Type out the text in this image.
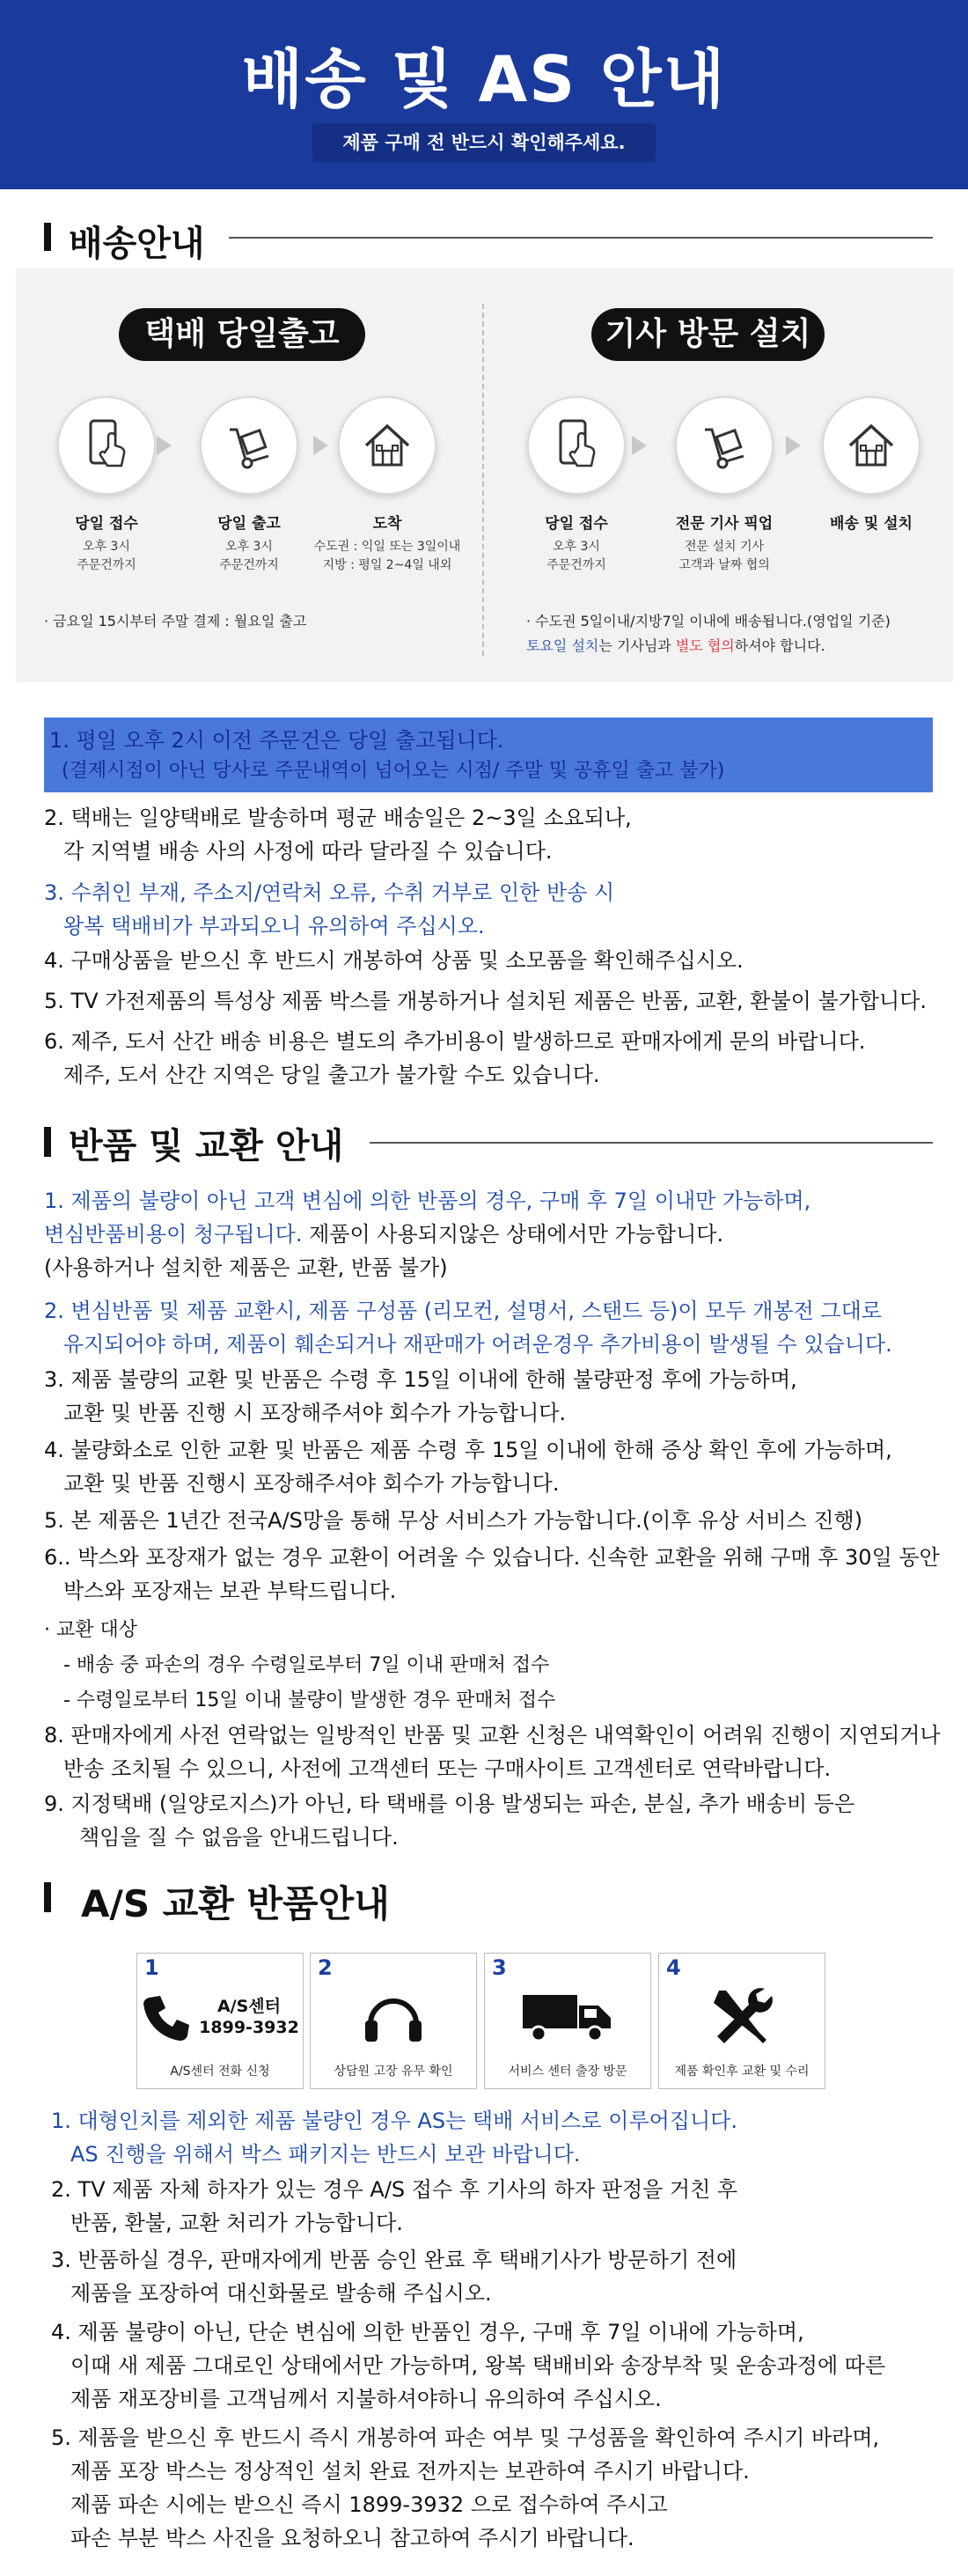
배송 및 AS 안내
제품 구매 전 반드시 확인해주세요.
배송안내
택배 당일출고	기사 방문 설치
당일 접수
오후 3시
주문건까지
당일 출고
오후 3시
주문건까지
도착
수도권 : 익일 또는 3일이내
지방 : 평일 2~4일 내외
· 금요일 15시부터 주말 결제 : 월요일 출고
당일 접수
오후 3시
주문건까지
전문 기사 픽업
전문 설치 기사
고객과 날짜 협의
배송 및 설치
· 수도권 5일이내/지방7일 이내에 배송됩니다.(영업일 기준)
토요일 설치는 기사님과 별도 협의하셔야 합니다.
1. 평일 오후 2시 이전 주문건은 당일 출고됩니다.
(결제시점이 아닌 당사로 주문내역이 넘어오는 시점/ 주말 및 공휴일 출고 불가)
2. 택배는 일양택배로 발송하며 평균 배송일은 2~3일 소요되나,
각 지역별 배송 사의 사정에 따라 달라질 수 있습니다.
3. 수취인 부재, 주소지/연락처 오류, 수취 거부로 인한 반송 시
왕복 택배비가 부과되오니 유의하여 주십시오.
4. 구매상품을 받으신 후 반드시 개봉하여 상품 및 소모품을 확인해주십시오.
5. TV 가전제품의 특성상 제품 박스를 개봉하거나 설치된 제품은 반품, 교환, 환불이 불가합니다.
6. 제주, 도서 산간 배송 비용은 별도의 추가비용이 발생하므로 판매자에게 문의 바랍니다.
제주, 도서 산간 지역은 당일 출고가 불가할 수도 있습니다.
반품 및 교환 안내
1. 제품의 불량이 아닌 고객 변심에 의한 반품의 경우, 구매 후 7일 이내만 가능하며,
변심반품비용이 청구됩니다. 제품이 사용되지않은 상태에서만 가능합니다.
(사용하거나 설치한 제품은 교환, 반품 불가)
2. 변심반품 및 제품 교환시, 제품 구성품 (리모컨, 설명서, 스탠드 등)이 모두 개봉전 그대로
유지되어야 하며, 제품이 훼손되거나 재판매가 어려운경우 추가비용이 발생될 수 있습니다.
3. 제품 불량의 교환 및 반품은 수령 후 15일 이내에 한해 불량판정 후에 가능하며,
교환 및 반품 진행 시 포장해주셔야 회수가 가능합니다.
4. 불량화소로 인한 교환 및 반품은 제품 수령 후 15일 이내에 한해 증상 확인 후에 가능하며,
교환 및 반품 진행시 포장해주셔야 회수가 가능합니다.
5. 본 제품은 1년간 전국A/S망을 통해 무상 서비스가 가능합니다.(이후 유상 서비스 진행)
6.. 박스와 포장재가 없는 경우 교환이 어려울 수 있습니다. 신속한 교환을 위해 구매 후 30일 동안
박스와 포장재는 보관 부탁드립니다.
· 교환 대상
- 배송 중 파손의 경우 수령일로부터 7일 이내 판매처 접수
- 수령일로부터 15일 이내 불량이 발생한 경우 판매처 접수
8. 판매자에게 사전 연락없는 일방적인 반품 및 교환 신청은 내역확인이 어려워 진행이 지연되거나
반송 조치될 수 있으니, 사전에 고객센터 또는 구매사이트 고객센터로 연락바랍니다.
9. 지정택배 (일양로지스)가 아닌, 타 택배를 이용 발생되는 파손, 분실, 추가 배송비 등은
책임을 질 수 없음을 안내드립니다.
A/S 교환 반품안내
1
A/S센터
1899-3932
A/S센터 전화 신청
2
상담원 고장 유무 확인
3
서비스 센터 출장 방문
4
제품 확인후 교환 및 수리
1. 대형인치를 제외한 제품 불량인 경우 AS는 택배 서비스로 이루어집니다.
AS 진행을 위해서 박스 패키지는 반드시 보관 바랍니다.
2. TV 제품 자체 하자가 있는 경우 A/S 접수 후 기사의 하자 판정을 거친 후
반품, 환불, 교환 처리가 가능합니다.
3. 반품하실 경우, 판매자에게 반품 승인 완료 후 택배기사가 방문하기 전에
제품을 포장하여 대신화물로 발송해 주십시오.
4. 제품 불량이 아닌, 단순 변심에 의한 반품인 경우, 구매 후 7일 이내에 가능하며,
이때 새 제품 그대로인 상태에서만 가능하며, 왕복 택배비와 송장부착 및 운송과정에 따른
제품 재포장비를 고객님께서 지불하셔야하니 유의하여 주십시오.
5. 제품을 받으신 후 반드시 즉시 개봉하여 파손 여부 및 구성품을 확인하여 주시기 바라며,
제품 포장 박스는 정상적인 설치 완료 전까지는 보관하여 주시기 바랍니다.
제품 파손 시에는 받으신 즉시 1899-3932 으로 접수하여 주시고
파손 부분 박스 사진을 요청하오니 참고하여 주시기 바랍니다.
